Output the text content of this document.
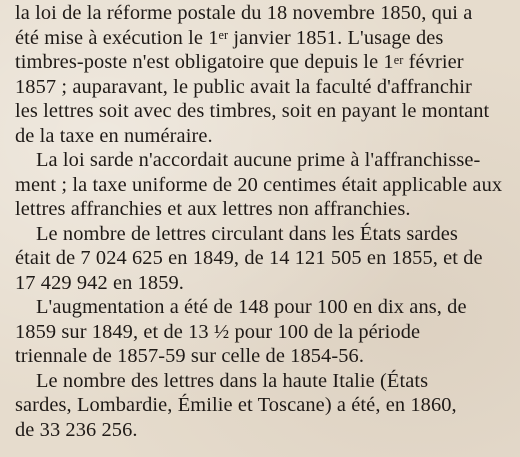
la loi de la réforme postale du 18 novembre 1850, qui a
été mise à exécution le 1er janvier 1851. L'usage des
timbres-poste n'est obligatoire que depuis le 1er février
1857 ; auparavant, le public avait la faculté d'affranchir
les lettres soit avec des timbres, soit en payant le montant
de la taxe en numéraire.
La loi sarde n'accordait aucune prime à l'affranchisse-
ment ; la taxe uniforme de 20 centimes était applicable aux
lettres affranchies et aux lettres non affranchies.
Le nombre de lettres circulant dans les États sardes
était de 7 024 625 en 1849, de 14 121 505 en 1855, et de
17 429 942 en 1859.
L'augmentation a été de 148 pour 100 en dix ans, de
1859 sur 1849, et de 13 ½ pour 100 de la période
triennale de 1857-59 sur celle de 1854-56.
Le nombre des lettres dans la haute Italie (États
sardes, Lombardie, Émilie et Toscane) a été, en 1860,
de 33 236 256.
